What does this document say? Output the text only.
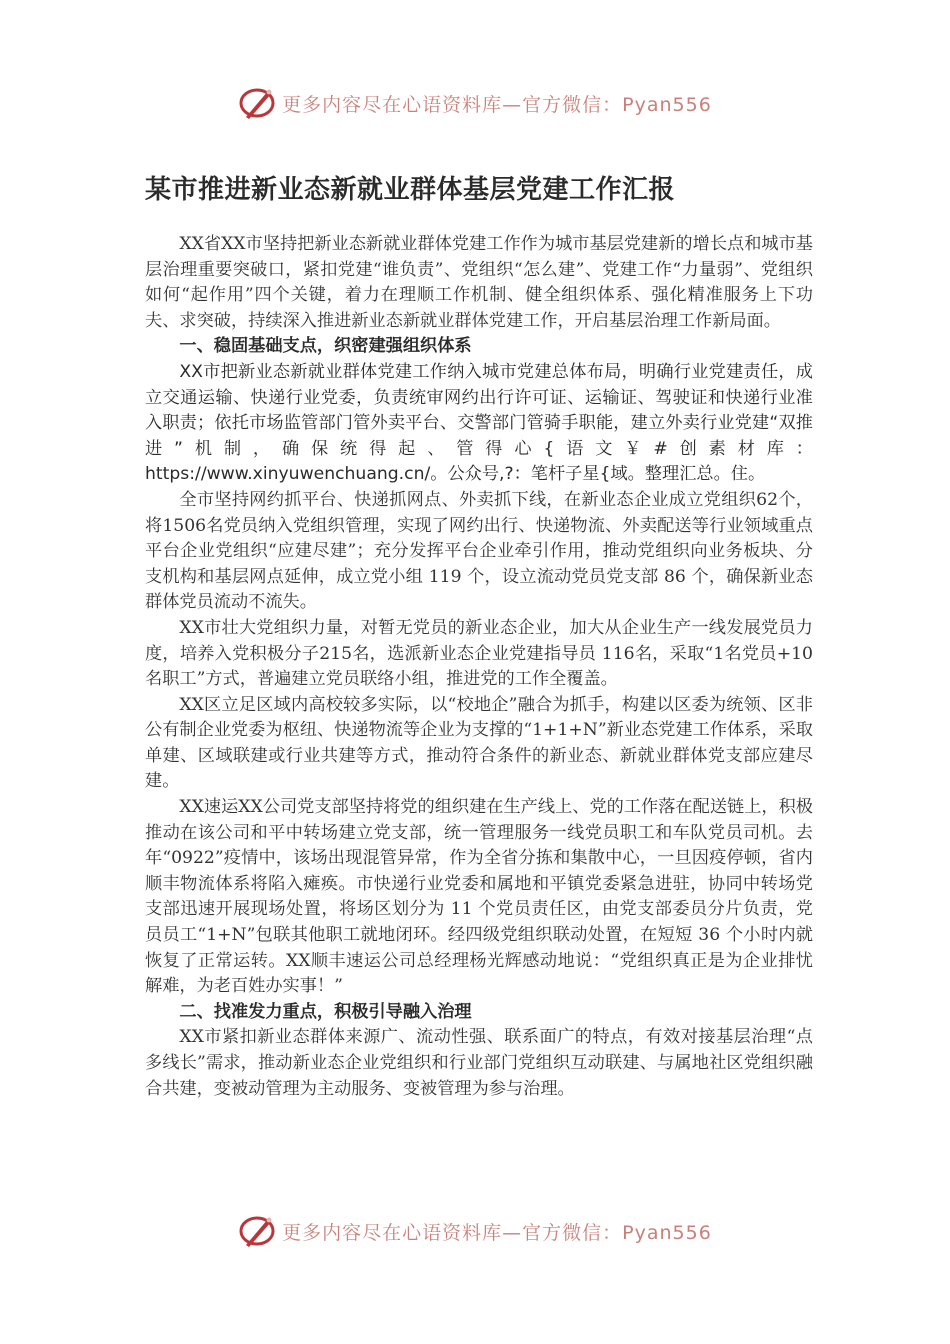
更多内容尽在心语资料库—官方微信：Pyan556
某市推进新业态新就业群体基层党建工作汇报

XX省XX市坚持把新业态新就业群体党建工作作为城市基层党建新的增长点和城市基层治理重要突破口，紧扣党建“谁负责”、党组织“怎么建”、党建工作“力量弱”、党组织如何“起作用”四个关键，着力在理顺工作机制、健全组织体系、强化精准服务上下功夫、求突破，持续深入推进新业态新就业群体党建工作，开启基层治理工作新局面。

一、稳固基础支点，织密建强组织体系

XX市把新业态新就业群体党建工作纳入城市党建总体布局，明确行业党建责任，成立交通运输、快递行业党委，负责统审网约出行许可证、运输证、驾驶证和快递行业准入职责；依托市场监管部门管外卖平台、交警部门管骑手职能，建立外卖行业党建“双推进”机制，确保统得起、管得心{语文￥#创素材库：https://www.xinyuwenchuang.cn/。公众号,?：笔杆子星{域。整理汇总。住。

全市坚持网约抓平台、快递抓网点、外卖抓下线，在新业态企业成立党组织62个，将1506名党员纳入党组织管理，实现了网约出行、快递物流、外卖配送等行业领域重点平台企业党组织“应建尽建”；充分发挥平台企业牵引作用，推动党组织向业务板块、分支机构和基层网点延伸，成立党小组 119 个，设立流动党员党支部 86 个，确保新业态群体党员流动不流失。

XX市壮大党组织力量，对暂无党员的新业态企业，加大从企业生产一线发展党员力度，培养入党积极分子215名，选派新业态企业党建指导员 116名，采取“1名党员+10名职工”方式，普遍建立党员联络小组，推进党的工作全覆盖。

XX区立足区域内高校较多实际，以“校地企”融合为抓手，构建以区委为统领、区非公有制企业党委为枢纽、快递物流等企业为支撑的“1+1+N”新业态党建工作体系，采取单建、区域联建或行业共建等方式，推动符合条件的新业态、新就业群体党支部应建尽建。

XX速运XX公司党支部坚持将党的组织建在生产线上、党的工作落在配送链上，积极推动在该公司和平中转场建立党支部，统一管理服务一线党员职工和车队党员司机。去年“0922”疫情中，该场出现混管异常，作为全省分拣和集散中心，一旦因疫停顿，省内顺丰物流体系将陷入瘫痪。市快递行业党委和属地和平镇党委紧急进驻，协同中转场党支部迅速开展现场处置，将场区划分为 11 个党员责任区，由党支部委员分片负责，党员员工“1+N”包联其他职工就地闭环。经四级党组织联动处置，在短短 36 个小时内就恢复了正常运转。XX顺丰速运公司总经理杨光辉感动地说：“党组织真正是为企业排忧解难，为老百姓办实事！”

二、找准发力重点，积极引导融入治理

XX市紧扣新业态群体来源广、流动性强、联系面广的特点，有效对接基层治理“点多线长”需求，推动新业态企业党组织和行业部门党组织互动联建、与属地社区党组织融合共建，变被动管理为主动服务、变被管理为参与治理。

更多内容尽在心语资料库—官方微信：Pyan556
